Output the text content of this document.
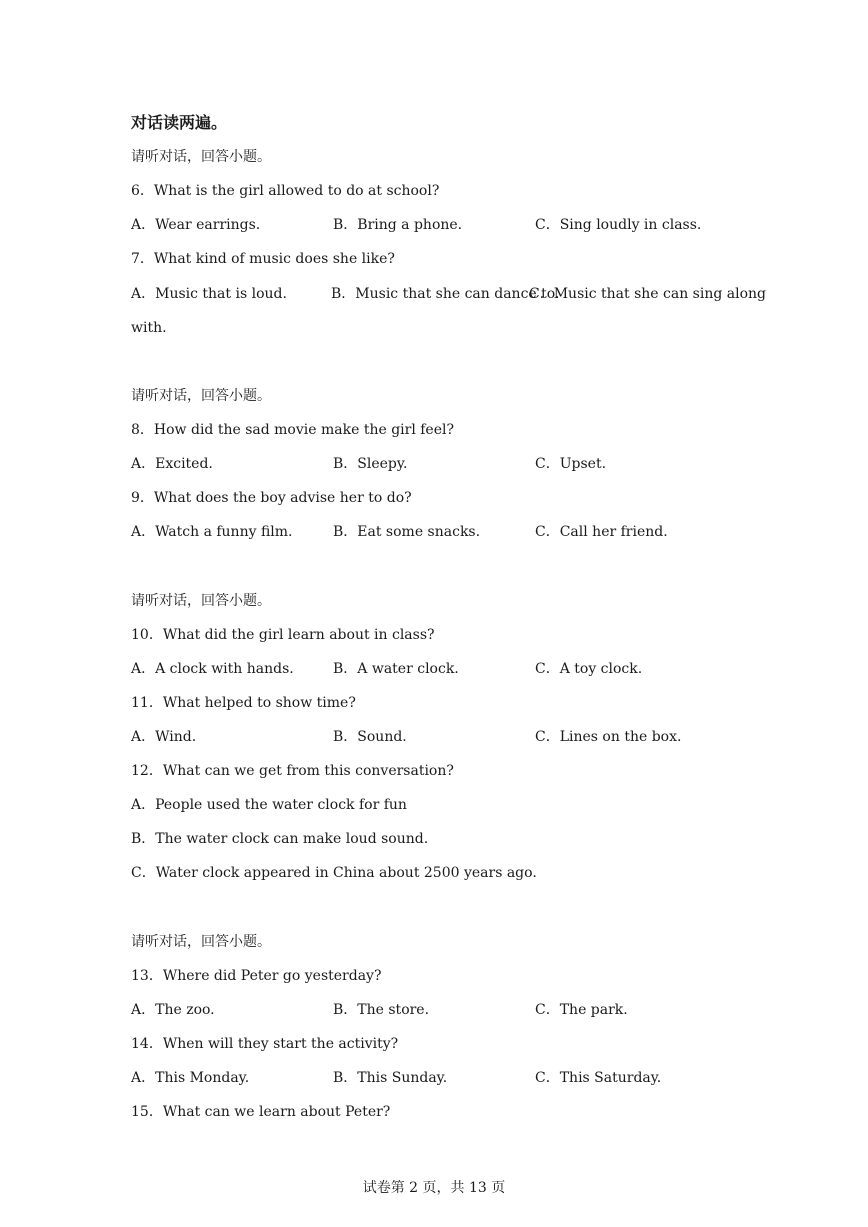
对话读两遍。
请听对话，回答小题。
6．What is the girl allowed to do at school?
A．Wear earrings.	B．Bring a phone.	C．Sing loudly in class.
7．What kind of music does she like?
A．Music that is loud.	B．Music that she can dance to.
C．Music that she can sing along
with.
请听对话，回答小题。
8．How did the sad movie make the girl feel?
A．Excited.	B．Sleepy.	C．Upset.
9．What does the boy advise her to do?
A．Watch a funny film.	B．Eat some snacks.	C．Call her friend.
请听对话，回答小题。
10．What did the girl learn about in class?
A．A clock with hands.	B．A water clock.	C．A toy clock.
11．What helped to show time?
A．Wind.	B．Sound.	C．Lines on the box.
12．What can we get from this conversation?
A．People used the water clock for fun
B．The water clock can make loud sound.
C．Water clock appeared in China about 2500 years ago.
请听对话，回答小题。
13．Where did Peter go yesterday?
A．The zoo.	B．The store.	C．The park.
14．When will they start the activity?
A．This Monday.	B．This Sunday.	C．This Saturday.
15．What can we learn about Peter?
试卷第 2 页，共 13 页
